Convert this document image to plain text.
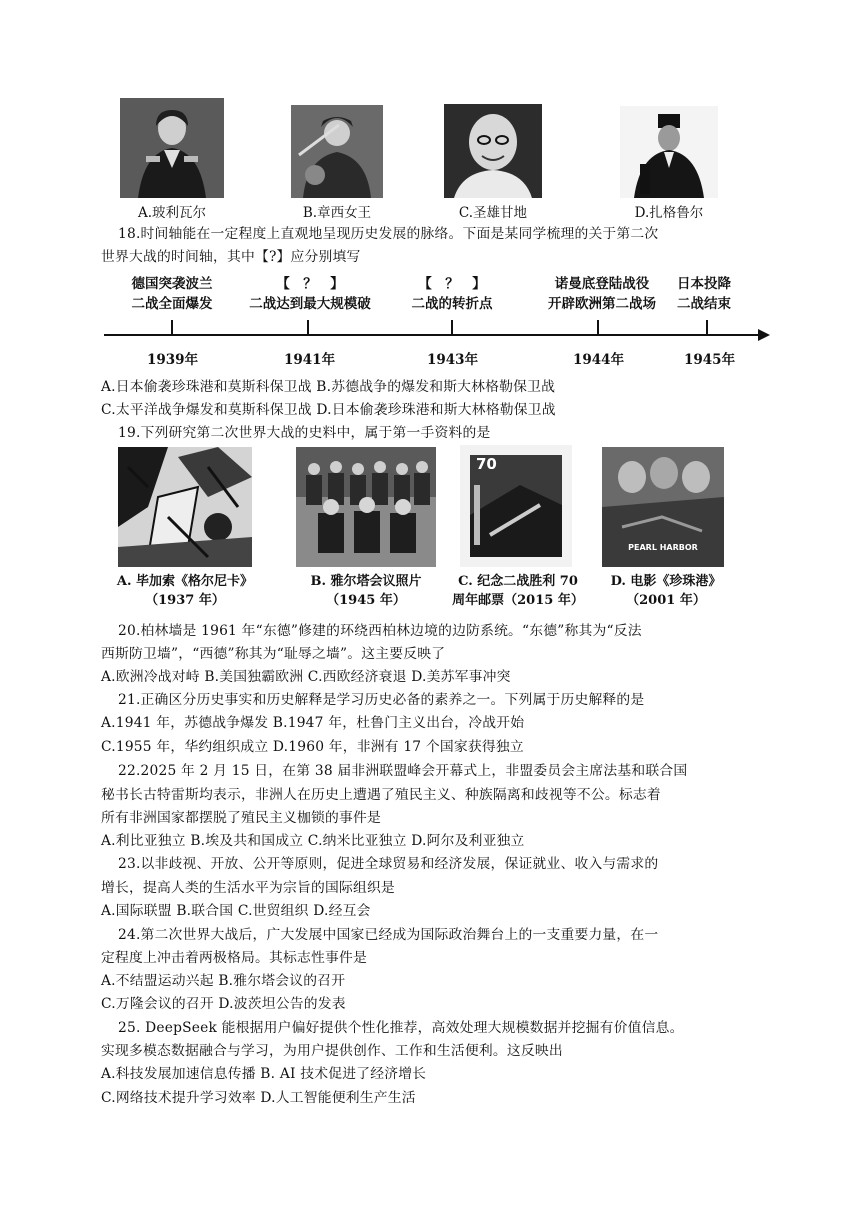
A.玻利瓦尔	B.章西女王	C.圣雄甘地	D.扎格鲁尔
18.时间轴能在一定程度上直观地呈现历史发展的脉络。下面是某同学梳理的关于第二次
世界大战的时间轴，其中【?】应分别填写
德国突袭波兰
二战全面爆发
【　？　】
二战达到最大规模破
【　？　】
二战的转折点
诺曼底登陆战役
开辟欧洲第二战场
日本投降
二战结束
1939年	1941年	1943年	1944年	1945年
A.日本偷袭珍珠港和莫斯科保卫战 B.苏德战争的爆发和斯大林格勒保卫战
C.太平洋战争爆发和莫斯科保卫战 D.日本偷袭珍珠港和斯大林格勒保卫战
19.下列研究第二次世界大战的史料中，属于第一手资料的是
70
PEARL HARBOR
A. 毕加索《格尔尼卡》
（1937 年）
B. 雅尔塔会议照片
（1945 年）
C. 纪念二战胜利 70
周年邮票（2015 年）
D. 电影《珍珠港》
（2001 年）
20.柏林墙是 1961 年“东德”修建的环绕西柏林边境的边防系统。“东德”称其为“反法
西斯防卫墙”，“西德”称其为“耻辱之墙”。这主要反映了
A.欧洲冷战对峙 B.美国独霸欧洲 C.西欧经济衰退 D.美苏军事冲突
21.正确区分历史事实和历史解释是学习历史必备的素养之一。下列属于历史解释的是
A.1941 年，苏德战争爆发 B.1947 年，杜鲁门主义出台，冷战开始
C.1955 年，华约组织成立 D.1960 年，非洲有 17 个国家获得独立
22.2025 年 2 月 15 日，在第 38 届非洲联盟峰会开幕式上，非盟委员会主席法基和联合国
秘书长古特雷斯均表示，非洲人在历史上遭遇了殖民主义、种族隔离和歧视等不公。标志着
所有非洲国家都摆脱了殖民主义枷锁的事件是
A.利比亚独立 B.埃及共和国成立 C.纳米比亚独立 D.阿尔及利亚独立
23.以非歧视、开放、公开等原则，促进全球贸易和经济发展，保证就业、收入与需求的
增长，提高人类的生活水平为宗旨的国际组织是
A.国际联盟 B.联合国 C.世贸组织 D.经互会
24.第二次世界大战后，广大发展中国家已经成为国际政治舞台上的一支重要力量，在一
定程度上冲击着两极格局。其标志性事件是
A.不结盟运动兴起 B.雅尔塔会议的召开
C.万隆会议的召开 D.波茨坦公告的发表
25. DeepSeek 能根据用户偏好提供个性化推荐，高效处理大规模数据并挖掘有价值信息。
实现多模态数据融合与学习，为用户提供创作、工作和生活便利。这反映出
A.科技发展加速信息传播 B. AI 技术促进了经济增长
C.网络技术提升学习效率 D.人工智能便利生产生活
